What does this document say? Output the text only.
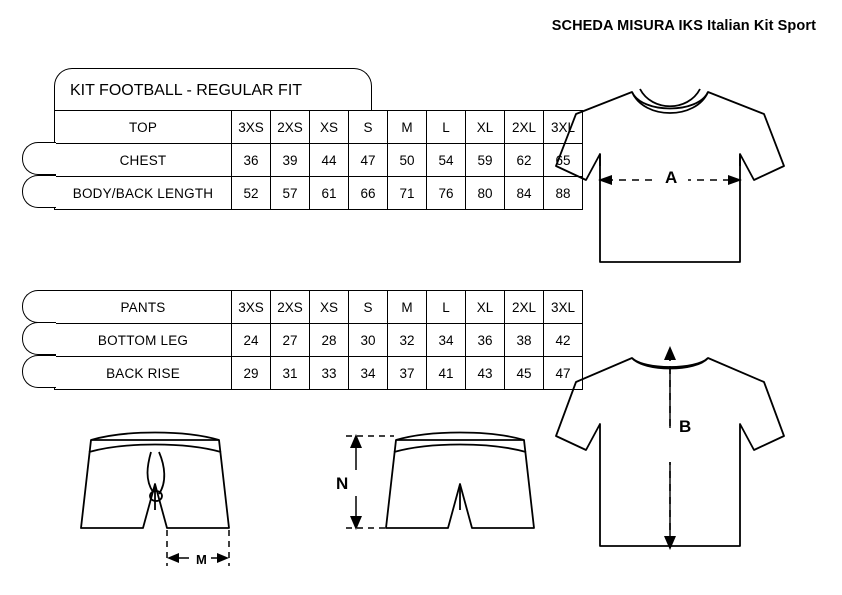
SCHEDA MISURA IKS Italian Kit Sport
KIT FOOTBALL - REGULAR FIT
	TOP	3XS	2XS	XS	S	M	L	XL	2XL	3XL

	CHEST	36	39	44	47	50	54	59	62	65

	BODY/BACK LENGTH	52	57	61	66	71	76	80	84	88
	PANTS	3XS	2XS	XS	S	M	L	XL	2XL	3XL

	BOTTOM LEG	24	27	28	30	32	34	36	38	42

	BACK RISE	29	31	33	34	37	41	43	45	47
A
B
M
N
